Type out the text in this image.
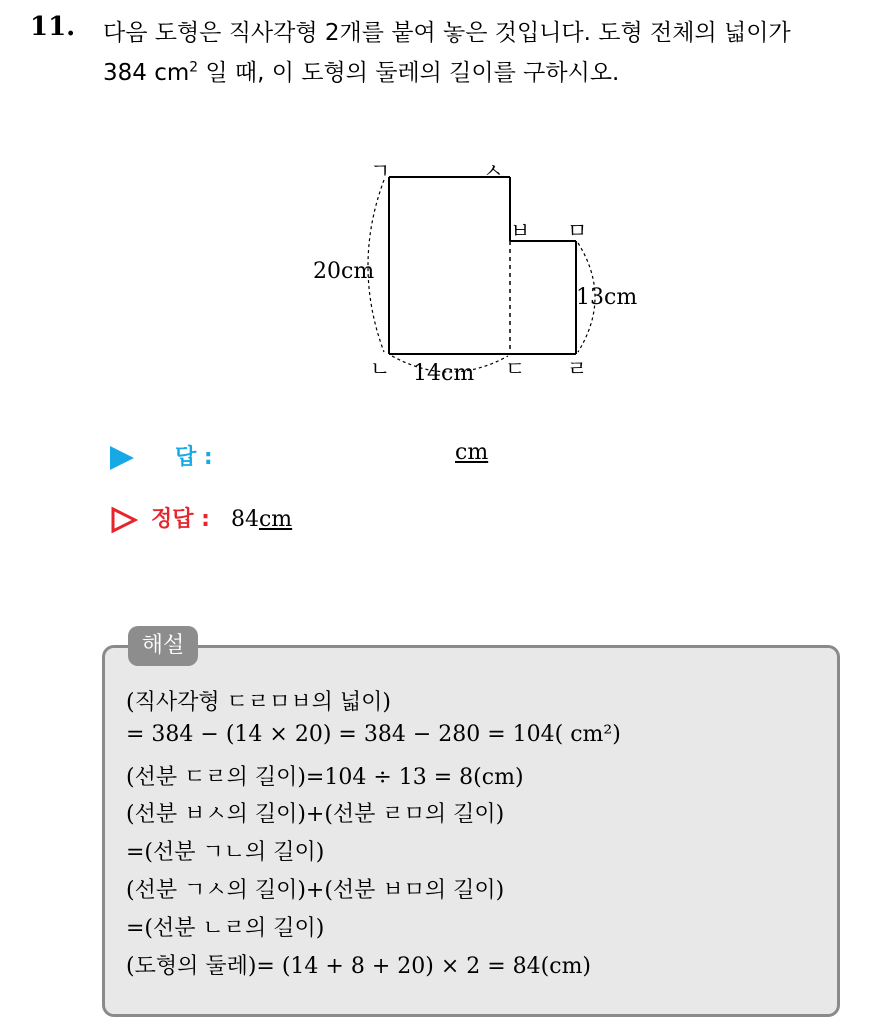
11. 다음 도형은 직사각형 2개를 붙여 놓은 것입니다. 도형 전체의 넓이가
384 $cm^2$ 일 때, 이 도형의 둘레의 길이를 구하시오.
ㄱ	ㅅ
ㅂ ㅁ
ㄴ	ㄷ ㄹ
20cm
14cm
13cm
답 :	cm
정답 : 84cm
해설
(직사각형 ㄷㄹㅁㅂ의 넓이)
= 384 − (14 × 20) = 384 − 280 = 104( cm²)
(선분 ㄷㄹ의 길이)=104 ÷ 13 = 8(cm)
(선분 ㅂㅅ의 길이)+(선분 ㄹㅁ의 길이)
=(선분 ㄱㄴ의 길이)
(선분 ㄱㅅ의 길이)+(선분 ㅂㅁ의 길이)
=(선분 ㄴㄹ의 길이)
(도형의 둘레)= (14 + 8 + 20) × 2 = 84(cm)
